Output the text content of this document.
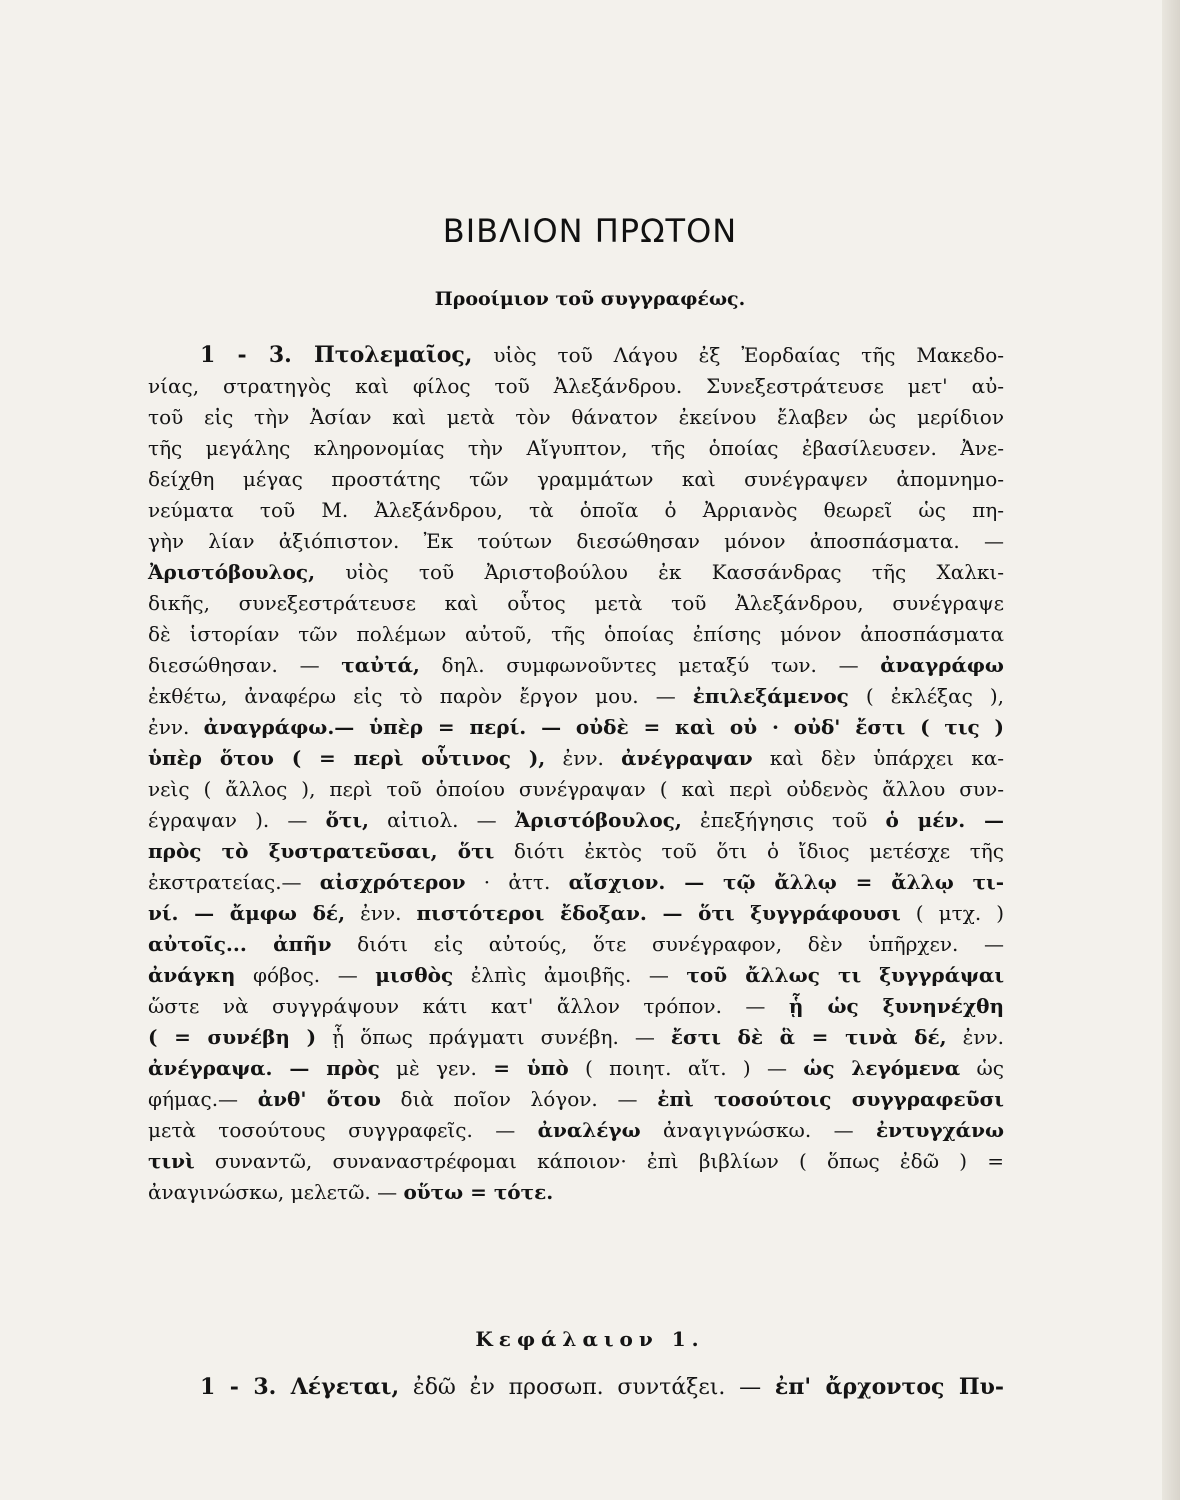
ΒΙΒΛΙΟΝ ΠΡΩΤΟΝ
Προοίμιον τοῦ συγγραφέως.
1 - 3. Πτολεμαῖος, υἱὸς τοῦ Λάγου ἐξ Ἐορδαίας τῆς Μακεδο-
νίας, στρατηγὸς καὶ φίλος τοῦ Ἀλεξάνδρου. Συνεξεστράτευσε μετ' αὐ-
τοῦ εἰς τὴν Ἀσίαν καὶ μετὰ τὸν θάνατον ἐκείνου ἔλαβεν ὡς μερίδιον
τῆς μεγάλης κληρονομίας τὴν Αἴγυπτον, τῆς ὁποίας ἐβασίλευσεν. Ἀνε-
δείχθη μέγας προστάτης τῶν γραμμάτων καὶ συνέγραψεν ἀπομνημο-
νεύματα τοῦ Μ. Ἀλεξάνδρου, τὰ ὁποῖα ὁ Ἀρριανὸς θεωρεῖ ὡς πη-
γὴν λίαν ἀξιόπιστον. Ἐκ τούτων διεσώθησαν μόνον ἀποσπάσματα. —
Ἀριστόβουλος, υἱὸς τοῦ Ἀριστοβούλου ἐκ Κασσάνδρας τῆς Χαλκι-
δικῆς, συνεξεστράτευσε καὶ οὗτος μετὰ τοῦ Ἀλεξάνδρου, συνέγραψε
δὲ ἱστορίαν τῶν πολέμων αὐτοῦ, τῆς ὁποίας ἐπίσης μόνον ἀποσπάσματα
διεσώθησαν. — ταὐτά, δηλ. συμφωνοῦντες μεταξύ των. — ἀναγράφω
ἐκθέτω, ἀναφέρω εἰς τὸ παρὸν ἔργον μου. — ἐπιλεξάμενος ( ἐκλέξας ),
ἐνν. ἀναγράφω.— ὑπὲρ = περί. — οὐδὲ = καὶ οὐ · οὐδ' ἔστι ( τις )
ὑπὲρ ὅτου ( = περὶ οὗτινος ), ἐνν. ἀνέγραψαν καὶ δὲν ὑπάρχει κα-
νεὶς ( ἄλλος ), περὶ τοῦ ὁποίου συνέγραψαν ( καὶ περὶ οὐδενὸς ἄλλου συν-
έγραψαν ). — ὅτι, αἰτιολ. — Ἀριστόβουλος, ἐπεξήγησις τοῦ ὁ μέν. —
πρὸς τὸ ξυστρατεῦσαι, ὅτι διότι ἐκτὸς τοῦ ὅτι ὁ ἴδιος μετέσχε τῆς
ἐκστρατείας.— αἰσχρότερον · ἀττ. αἴσχιον. — τῷ ἄλλῳ = ἄλλῳ τι-
νί. — ἄμφω δέ, ἐνν. πιστότεροι ἔδοξαν. — ὅτι ξυγγράφουσι ( μτχ. )
αὐτοῖς... ἀπῆν διότι εἰς αὐτούς, ὅτε συνέγραφον, δὲν ὑπῆρχεν. —
ἀνάγκη φόβος. — μισθὸς ἐλπὶς ἀμοιβῆς. — τοῦ ἄλλως τι ξυγγράψαι
ὥστε νὰ συγγράψουν κάτι κατ' ἄλλον τρόπον. — ᾗ ὡς ξυνηνέχθη
( = συνέβη ) ᾗ ὅπως πράγματι συνέβη. — ἔστι δὲ ἃ = τινὰ δέ, ἐνν.
ἀνέγραψα. — πρὸς μὲ γεν. = ὑπὸ ( ποιητ. αἴτ. ) — ὡς λεγόμενα ὡς
φήμας.— ἀνθ' ὅτου διὰ ποῖον λόγον. — ἐπὶ τοσούτοις συγγραφεῦσι
μετὰ τοσούτους συγγραφεῖς. — ἀναλέγω ἀναγιγνώσκω. — ἐντυγχάνω
τινὶ συναντῶ, συναναστρέφομαι κάποιον· ἐπὶ βιβλίων ( ὅπως ἐδῶ ) =
ἀναγινώσκω, μελετῶ. — οὕτω = τότε.
Κεφάλαιον 1.
1 - 3. Λέγεται, ἐδῶ ἐν προσωπ. συντάξει. — ἐπ' ἄρχοντος Πυ-
